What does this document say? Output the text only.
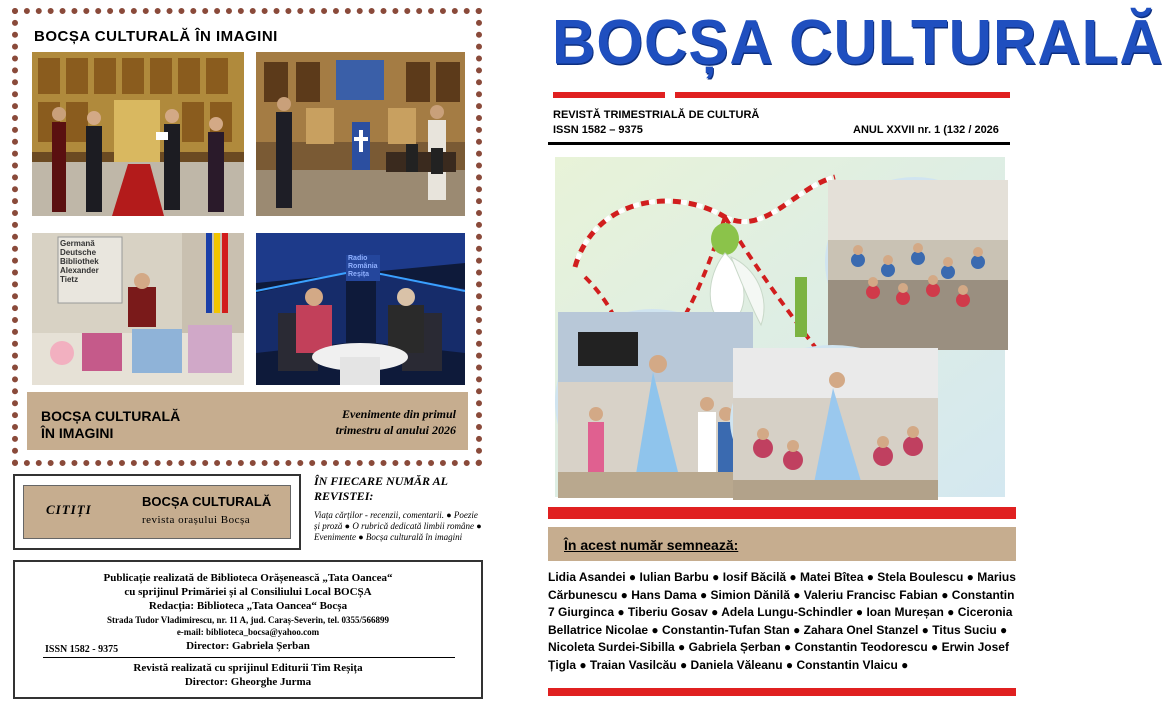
BOCȘA CULTURALĂ ÎN IMAGINI
Germană
Deutsche
Bibliothek
Alexander
Tietz
Radio
România
Reșița
BOCȘA CULTURALĂ
ÎN IMAGINI
Evenimente din primul
trimestru al anului 2026
CITIȚI
BOCȘA CULTURALĂ
revista orașului Bocșa
ÎN FIECARE NUMĂR AL REVISTEI:
Viața cărților - recenzii, comentarii. ● Poezie și proză ● O rubrică dedicată limbii române ● Evenimente ● Bocșa culturală în imagini
Publicație realizată de Biblioteca Orășenească „Tata Oancea“
cu sprijinul Primăriei și al Consiliului Local BOCȘA
Redacția: Biblioteca „Tata Oancea“ Bocșa
Strada Tudor Vladimirescu, nr. 11 A, jud. Caraș-Severin, tel. 0355/566899
e-mail: biblioteca_bocsa@yahoo.com
ISSN 1582 - 9375	Director: Gabriela Șerban
Revistă realizată cu sprijinul Editurii Tim Reșița
Director: Gheorghe Jurma
BOCȘA CULTURALĂ
REVISTĂ TRIMESTRIALĂ DE CULTURĂ
ISSN 1582 – 9375	ANUL XXVII nr. 1 (132 / 2026
În acest număr semnează:
Lidia Asandei ● Iulian Barbu ● Iosif Băcilă ● Matei Bîtea ● Stela Boulescu ● Marius Cărbunescu ● Hans Dama ● Simion Dănilă ● Valeriu Francisc Fabian ● Constantin 7 Giurginca ● Tiberiu Gosav ● Adela Lungu-Schindler ● Ioan Mureșan ● Ciceronia Bellatrice Nicolae ● Constantin-Tufan Stan ● Zahara Onel Stanzel ● Titus Suciu ● Nicoleta Surdei-Sibilla ● Gabriela Șerban ● Constantin Teodorescu ● Erwin Josef Țigla ● Traian Vasilcău ● Daniela Văleanu ● Constantin Vlaicu ●
